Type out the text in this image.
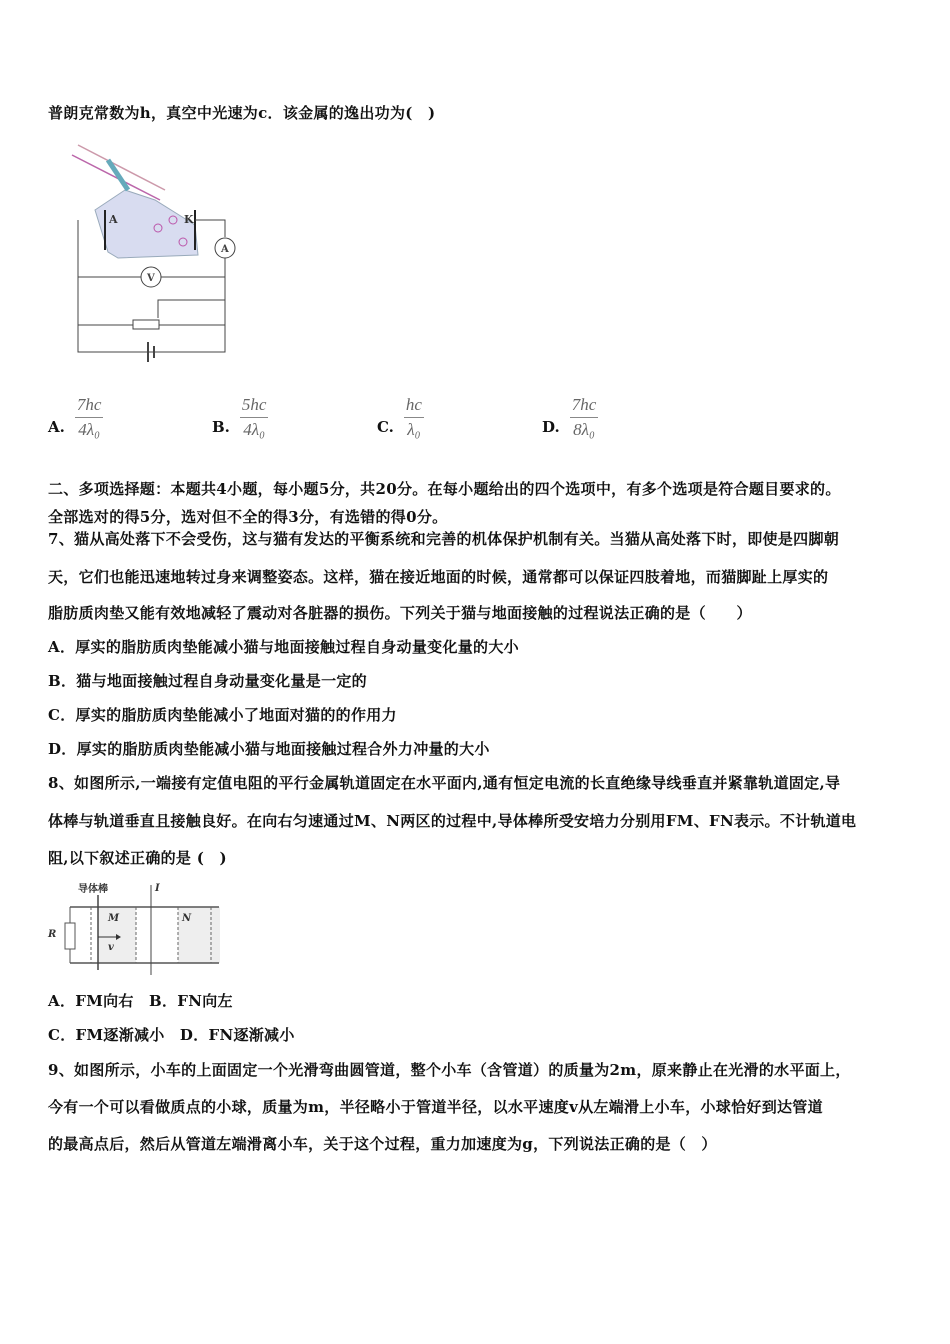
普朗克常数为h，真空中光速为c．该金属的逸出功为(　)
A	K
A
V
A. $\frac{7hc}{\text{4λ₀}}$	B. $\frac{5hc}{\text{4λ₀}}$	C. $\frac{hc}{\text{λ₀}}$	D. $\frac{7hc}{\text{8λ₀}}$
二、多项选择题：本题共4小题，每小题5分，共20分。在每小题给出的四个选项中，有多个选项是符合题目要求的。
全部选对的得5分，选对但不全的得3分，有选错的得0分。
7、猫从高处落下不会受伤，这与猫有发达的平衡系统和完善的机体保护机制有关。当猫从高处落下时，即使是四脚朝
天，它们也能迅速地转过身来调整姿态。这样，猫在接近地面的时候，通常都可以保证四肢着地，而猫脚趾上厚实的
脂肪质肉垫又能有效地减轻了震动对各脏器的损伤。下列关于猫与地面接触的过程说法正确的是（　　）
A．厚实的脂肪质肉垫能减小猫与地面接触过程自身动量变化量的大小
B．猫与地面接触过程自身动量变化量是一定的
C．厚实的脂肪质肉垫能减小了地面对猫的的作用力
D．厚实的脂肪质肉垫能减小猫与地面接触过程合外力冲量的大小
8、如图所示,一端接有定值电阻的平行金属轨道固定在水平面内,通有恒定电流的长直绝缘导线垂直并紧靠轨道固定,导
体棒与轨道垂直且接触良好。在向右匀速通过M、N两区的过程中,导体棒所受安培力分别用FM、FN表示。不计轨道电
阻,以下叙述正确的是 (　)
R
导体棒	I
M	N
v
A．FM向右　B．FN向左
C．FM逐渐减小　D．FN逐渐减小
9、如图所示，小车的上面固定一个光滑弯曲圆管道，整个小车（含管道）的质量为2m，原来静止在光滑的水平面上，
今有一个可以看做质点的小球，质量为m，半径略小于管道半径，以水平速度v从左端滑上小车，小球恰好到达管道
的最高点后，然后从管道左端滑离小车，关于这个过程，重力加速度为g，下列说法正确的是（　）
